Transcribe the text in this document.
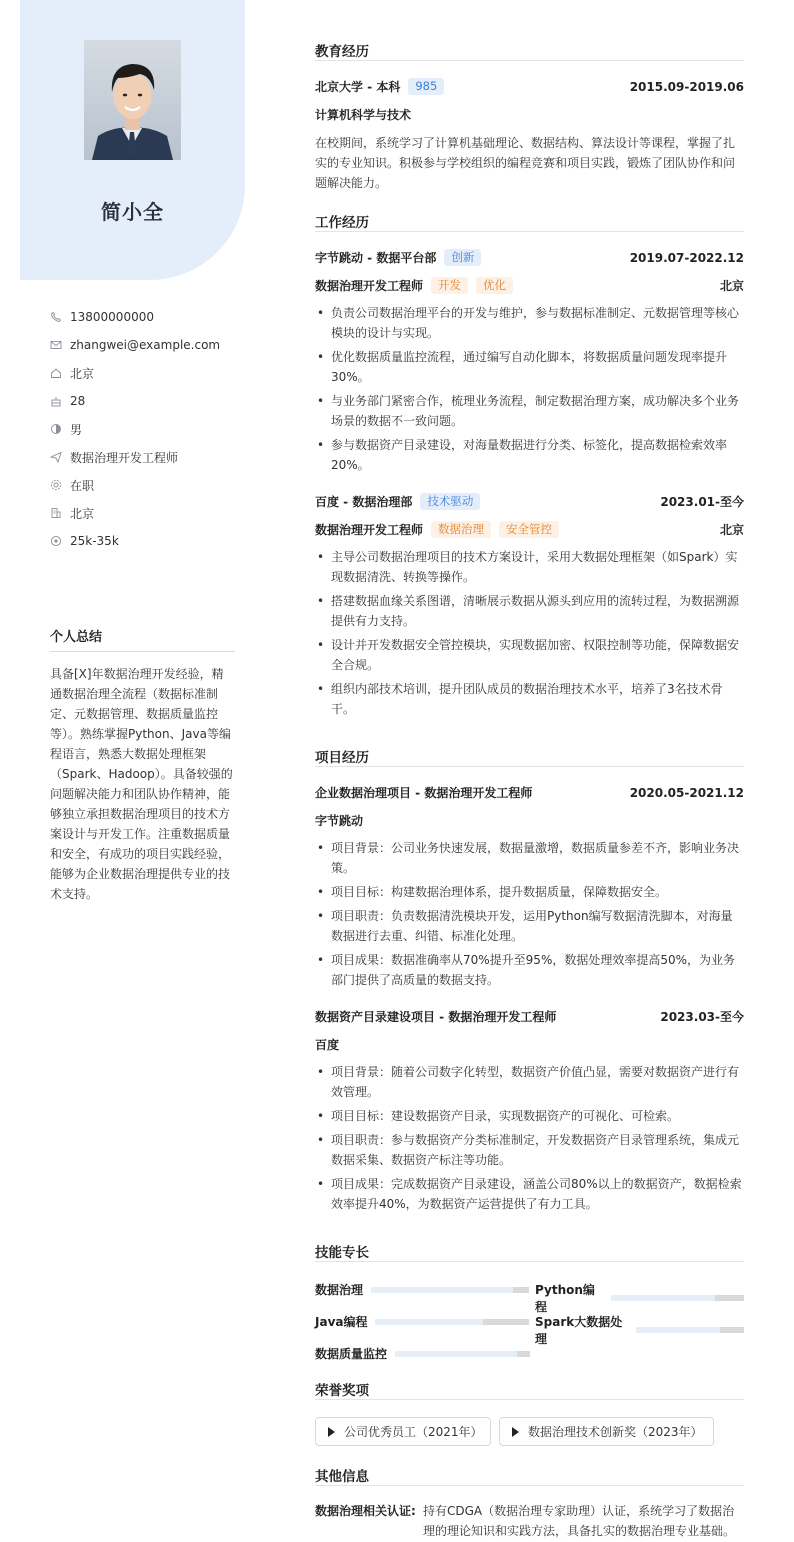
简小全
13800000000
zhangwei@example.com
北京
28
男
数据治理开发工程师
在职
北京
25k-35k
个人总结
具备[X]年数据治理开发经验，精通数据治理全流程（数据标准制定、元数据管理、数据质量监控等）。熟练掌握Python、Java等编程语言，熟悉大数据处理框架（Spark、Hadoop）。具备较强的问题解决能力和团队协作精神，能够独立承担数据治理项目的技术方案设计与开发工作。注重数据质量和安全，有成功的项目实践经验，能够为企业数据治理提供专业的技术支持。
教育经历
北京大学 - 本科	985	2015.09-2019.06
计算机科学与技术
在校期间，系统学习了计算机基础理论、数据结构、算法设计等课程，掌握了扎实的专业知识。积极参与学校组织的编程竞赛和项目实践，锻炼了团队协作和问题解决能力。
工作经历
字节跳动 - 数据平台部	创新	2019.07-2022.12
数据治理开发工程师	开发	优化	北京
• 负责公司数据治理平台的开发与维护，参与数据标准制定、元数据管理等核心模块的设计与实现。
• 优化数据质量监控流程，通过编写自动化脚本，将数据质量问题发现率提升30%。
• 与业务部门紧密合作，梳理业务流程，制定数据治理方案，成功解决多个业务场景的数据不一致问题。
• 参与数据资产目录建设，对海量数据进行分类、标签化，提高数据检索效率20%。
百度 - 数据治理部	技术驱动	2023.01-至今
数据治理开发工程师	数据治理	安全管控	北京
• 主导公司数据治理项目的技术方案设计，采用大数据处理框架（如Spark）实现数据清洗、转换等操作。
• 搭建数据血缘关系图谱，清晰展示数据从源头到应用的流转过程，为数据溯源提供有力支持。
• 设计并开发数据安全管控模块，实现数据加密、权限控制等功能，保障数据安全合规。
• 组织内部技术培训，提升团队成员的数据治理技术水平，培养了3名技术骨干。
项目经历
企业数据治理项目 - 数据治理开发工程师	2020.05-2021.12
字节跳动
• 项目背景：公司业务快速发展，数据量激增，数据质量参差不齐，影响业务决策。
• 项目目标：构建数据治理体系，提升数据质量，保障数据安全。
• 项目职责：负责数据清洗模块开发，运用Python编写数据清洗脚本，对海量数据进行去重、纠错、标准化处理。
• 项目成果：数据准确率从70%提升至95%，数据处理效率提高50%，为业务部门提供了高质量的数据支持。
数据资产目录建设项目 - 数据治理开发工程师	2023.03-至今
百度
• 项目背景：随着公司数字化转型，数据资产价值凸显，需要对数据资产进行有效管理。
• 项目目标：建设数据资产目录，实现数据资产的可视化、可检索。
• 项目职责：参与数据资产分类标准制定，开发数据资产目录管理系统，集成元数据采集、数据资产标注等功能。
• 项目成果：完成数据资产目录建设，涵盖公司80%以上的数据资产，数据检索效率提升40%，为数据资产运营提供了有力工具。
技能专长
数据治理	Python编程
Java编程	Spark大数据处理
数据质量监控
荣誉奖项
公司优秀员工（2021年）	数据治理技术创新奖（2023年）
其他信息
数据治理相关认证: 持有CDGA（数据治理专家助理）认证，系统学习了数据治理的理论知识和实践方法，具备扎实的数据治理专业基础。
